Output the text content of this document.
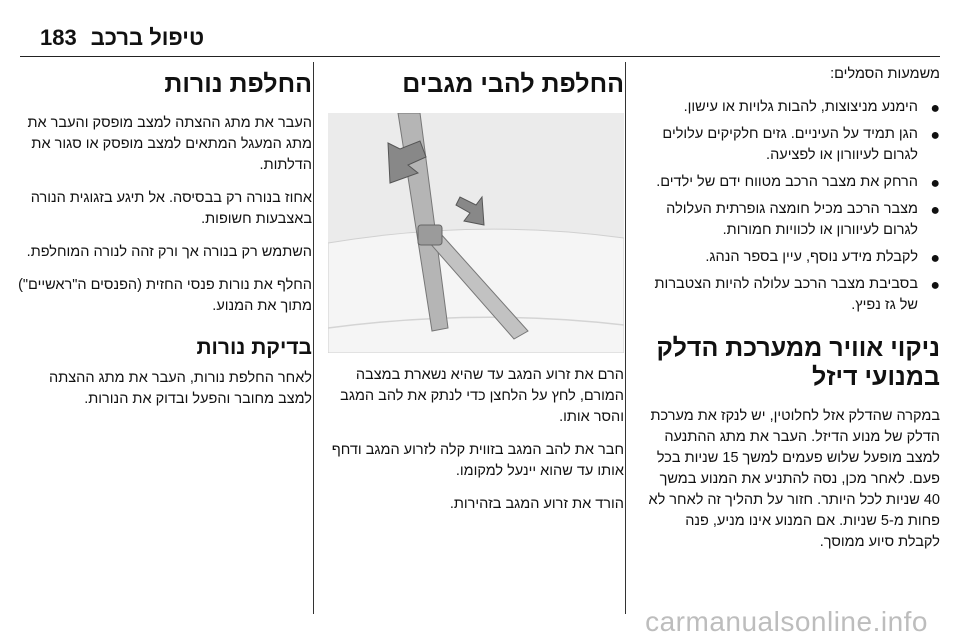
183 טיפול ברכב

משמעות הסמלים:

●
הימנע מניצוצות, להבות גלויות או עישון.
●
הגן תמיד על העיניים. גזים חלקיקים עלולים לגרום לעיוורון או לפציעה.
●
הרחק את מצבר הרכב מטווח ידם של ילדים.
●
מצבר הרכב מכיל חומצה גופרתית העלולה לגרום לעיוורון או לכוויות חמורות.
●
לקבלת מידע נוסף, עיין בספר הנהג.
●
בסביבת מצבר הרכב עלולה להיות הצטברות של גז נפיץ.
ניקוי אוויר ממערכת הדלק במנועי דיזל

במקרה שהדלק אזל לחלוטין, יש לנקז את מערכת הדלק של מנוע הדיזל. העבר את מתג ההתנעה למצב מופעל שלוש פעמים למשך 15 שניות בכל פעם. לאחר מכן, נסה להתניע את המנוע במשך 40 שניות לכל היותר. חזור על תהליך זה לאחר לא פחות מ-5 שניות. אם המנוע אינו מניע, פנה לקבלת סיוע ממוסך.

החלפת להבי מגבים

הרם את זרוע המגב עד שהיא נשארת במצבה המורם, לחץ על הלחצן כדי לנתק את להב המגב והסר אותו.

חבר את להב המגב בזווית קלה לזרוע המגב ודחף אותו עד שהוא יינעל למקומו.

הורד את זרוע המגב בזהירות.

החלפת נורות

העבר את מתג ההצתה למצב מופסק והעבר את מתג המעגל המתאים למצב מופסק או סגור את הדלתות.

אחוז בנורה רק בבסיסה. אל תיגע בזגוגית הנורה באצבעות חשופות.

השתמש רק בנורה אך ורק זהה לנורה המוחלפת.

החלף את נורות פנסי החזית (הפנסים ה"ראשיים") מתוך את המנוע.

בדיקת נורות

לאחר החלפת נורות, העבר את מתג ההצתה למצב מחובר והפעל ובדוק את הנורות.

carmanualsonline.info
